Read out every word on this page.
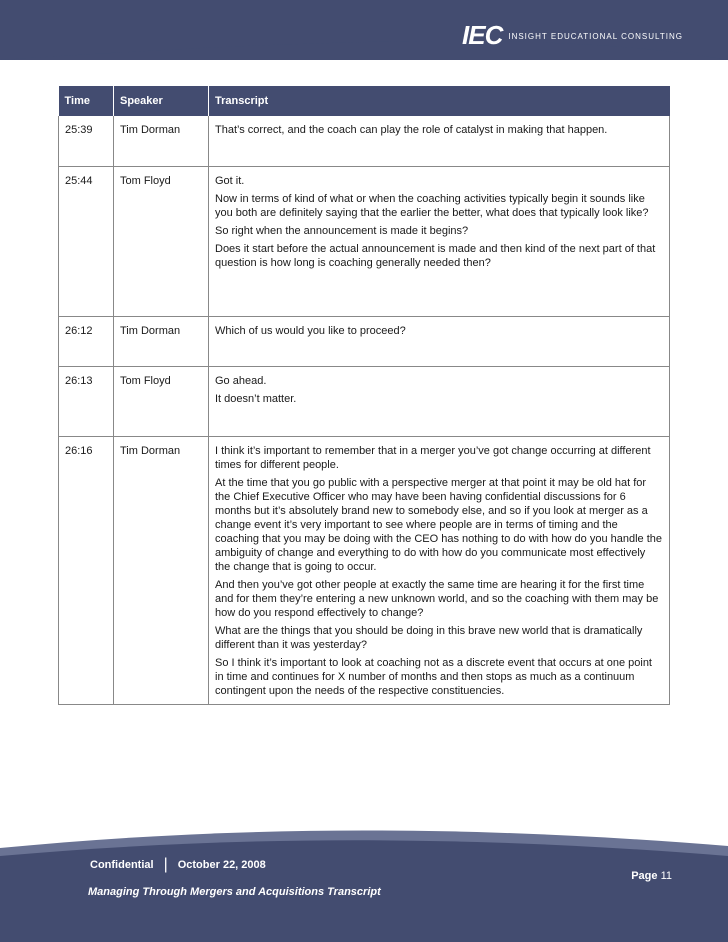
IEC INSIGHT EDUCATIONAL CONSULTING
Time	Speaker	Transcript
25:39	Tim Dorman	That’s correct, and the coach can play the role of catalyst in making that happen.

25:44	Tom Floyd	Got it.
Now in terms of kind of what or when the coaching activities typically begin it sounds like you both are definitely saying that the earlier the better, what does that typically look like?
So right when the announcement is made it begins?
Does it start before the actual announcement is made and then kind of the next part of that question is how long is coaching generally needed then?

26:12	Tim Dorman	Which of us would you like to proceed?

26:13	Tom Floyd	Go ahead.
It doesn’t matter.

26:16	Tim Dorman	I think it’s important to remember that in a merger you’ve got change occurring at different times for different people.
At the time that you go public with a perspective merger at that point it may be old hat for the Chief Executive Officer who may have been having confidential discussions for 6 months but it’s absolutely brand new to somebody else, and so if you look at merger as a change event it’s very important to see where people are in terms of timing and the coaching that you may be doing with the CEO has nothing to do with how do you handle the ambiguity of change and everything to do with how do you communicate most effectively the change that is going to occur.
And then you’ve got other people at exactly the same time are hearing it for the first time and for them they’re entering a new unknown world, and so the coaching with them may be how do you respond effectively to change?
What are the things that you should be doing in this brave new world that is dramatically different than it was yesterday?
So I think it’s important to look at coaching not as a discrete event that occurs at one point in time and continues for X number of months and then stops as much as a continuum contingent upon the needs of the respective constituencies.
Confidential | October 22, 2008
Page 11
Managing Through Mergers and Acquisitions Transcript
